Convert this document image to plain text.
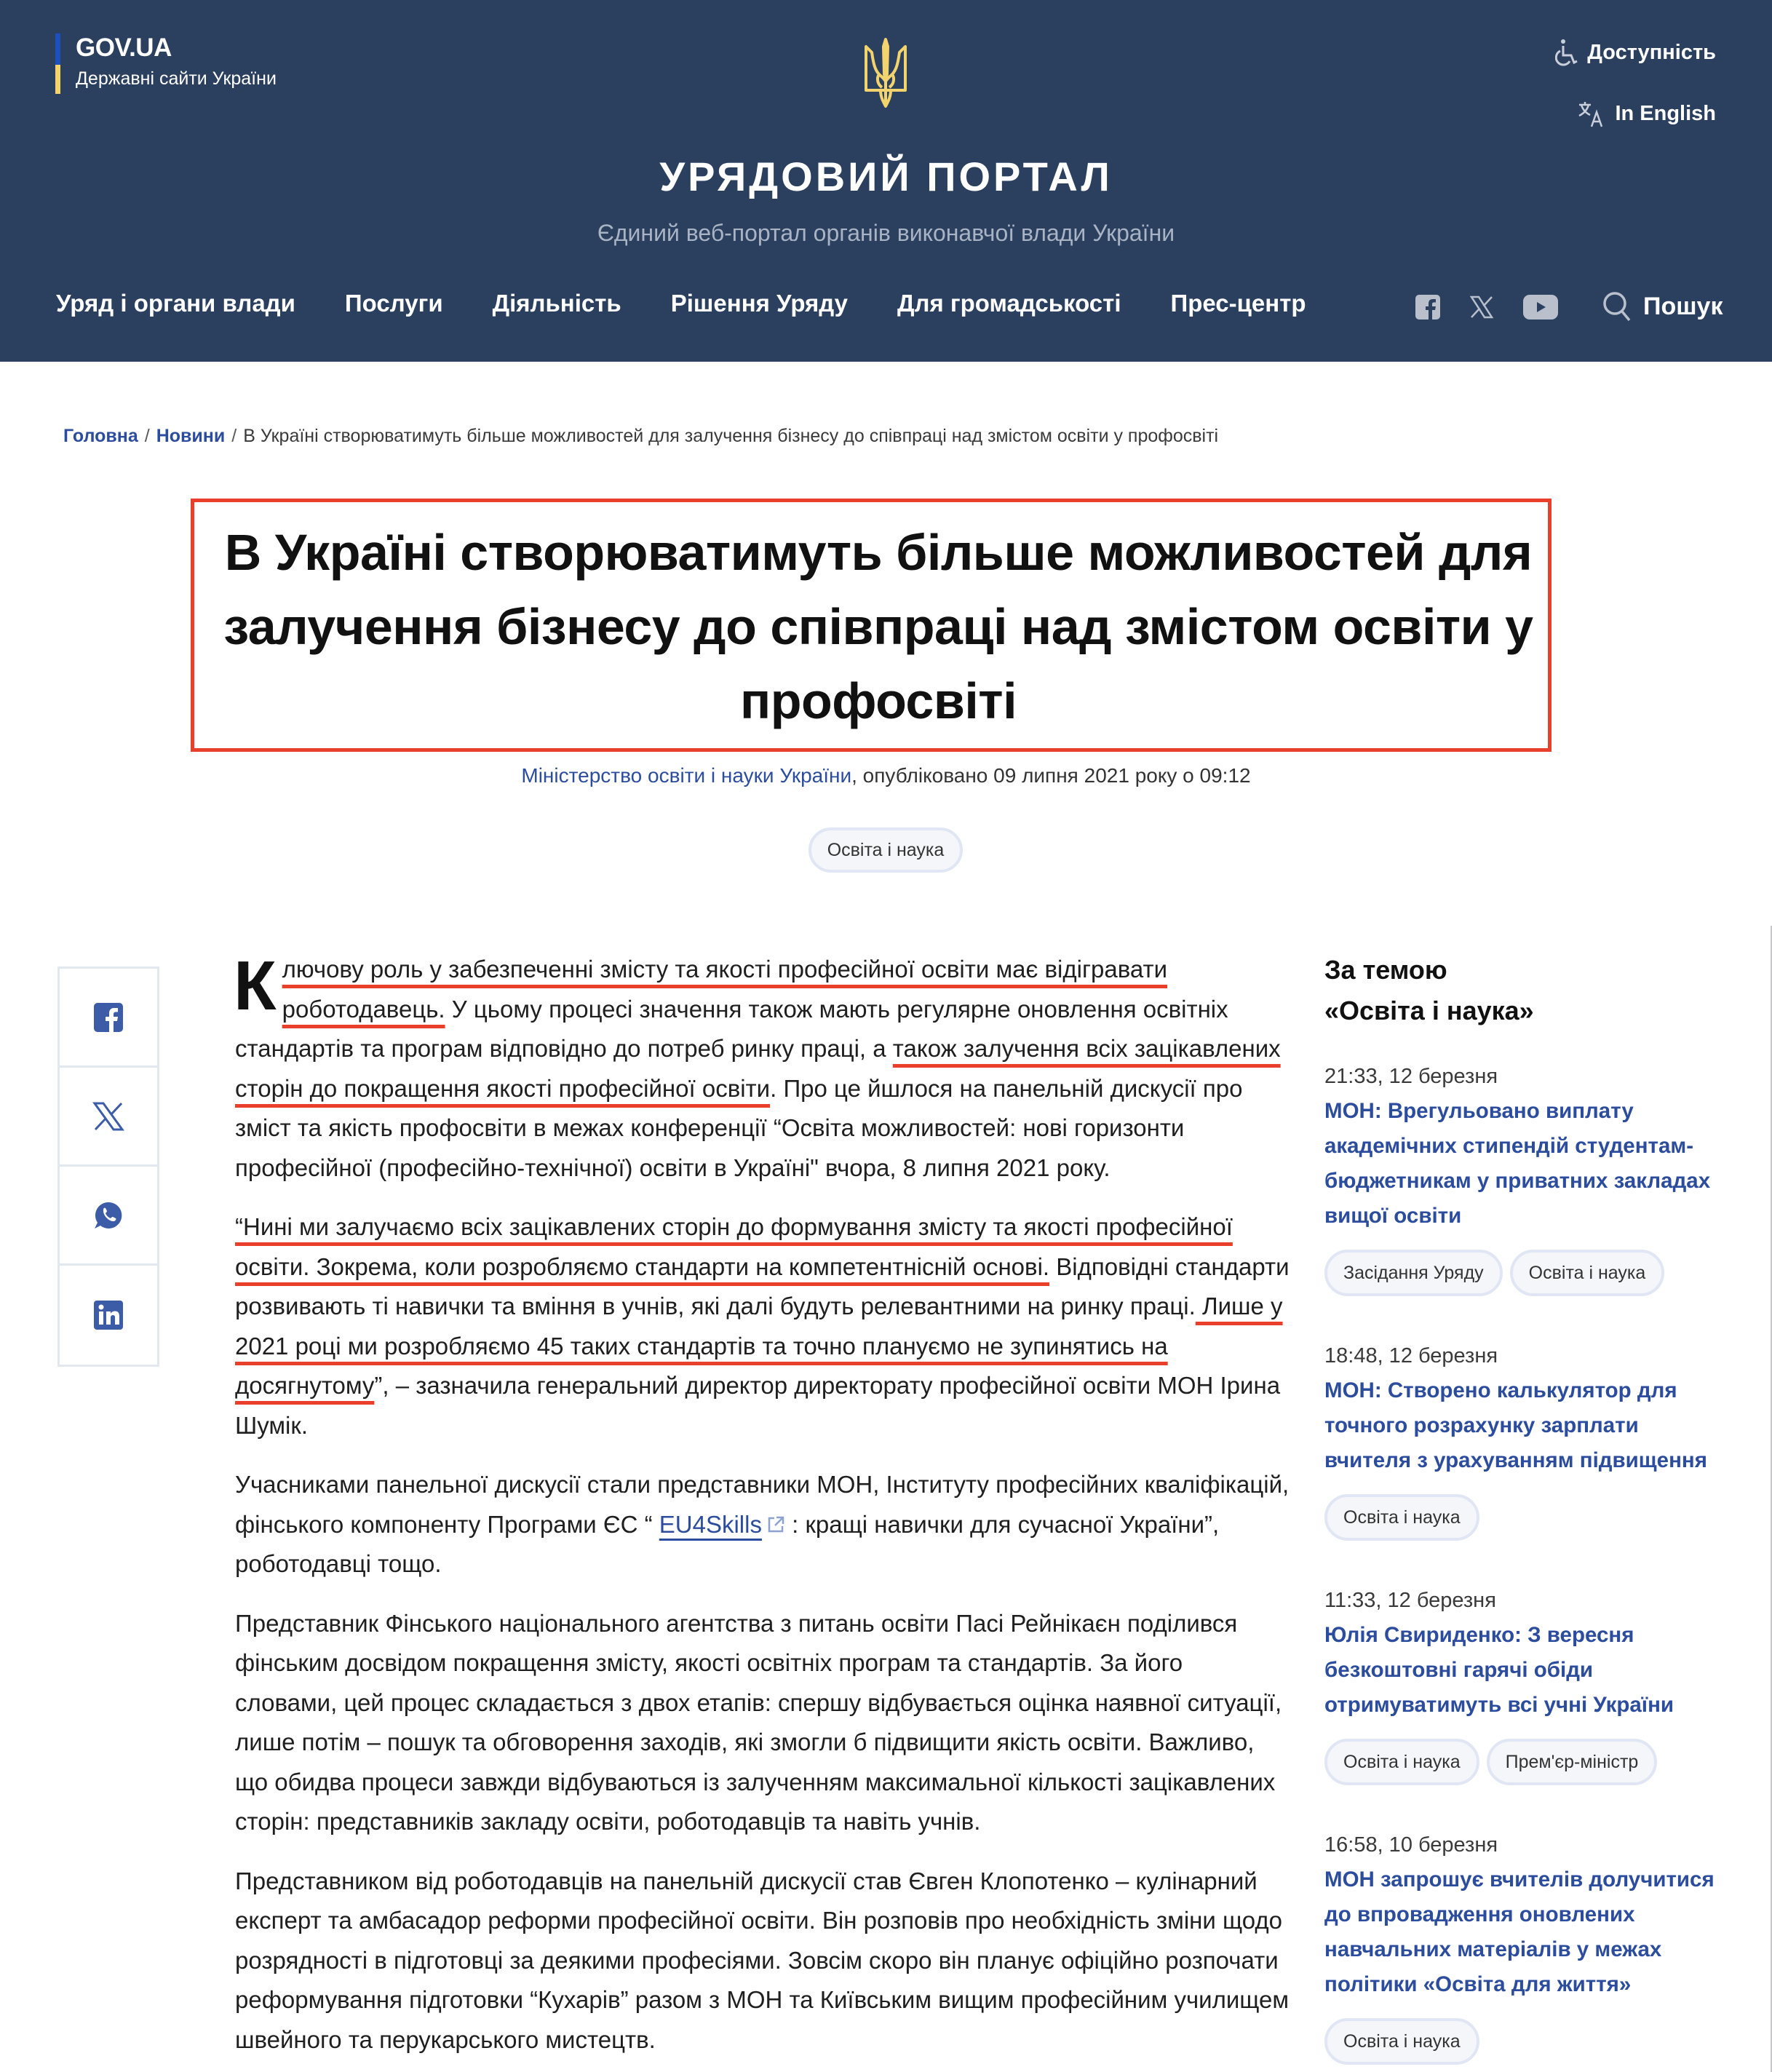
GOV.UA
Державні сайти України
Доступність
In English
УРЯДОВИЙ ПОРТАЛ
Єдиний веб-портал органів виконавчої влади України
Уряд і органи влади Послуги Діяльність Рішення Уряду Для громадськості Прес-центр	Пошук
Головна / Новини / В Україні створюватимуть більше можливостей для залучення бізнесу до співпраці над змістом освіти у профосвіті
В Україні створюватимуть більше можливостей для залучення бізнесу до співпраці над змістом освіти у профосвіті
Міністерство освіти і науки України, опубліковано 09 липня 2021 року о 09:12
Освіта і наука

Ключову роль у забезпеченні змісту та якості професійної освіти має відігравати роботодавець. У цьому процесі значення також мають регулярне оновлення освітніх стандартів та програм відповідно до потреб ринку праці, а також залучення всіх зацікавлених сторін до покращення якості професійної освіти. Про це йшлося на панельній дискусії про зміст та якість профосвіти в межах конференції “Освіта можливостей: нові горизонти професійної (професійно-технічної) освіти в Україні" вчора, 8 липня 2021 року.

“Нині ми залучаємо всіх зацікавлених сторін до формування змісту та якості професійної освіти. Зокрема, коли розробляємо стандарти на компетентнісній основі. Відповідні стандарти розвивають ті навички та вміння в учнів, які далі будуть релевантними на ринку праці. Лише у 2021 році ми розробляємо 45 таких стандартів та точно плануємо не зупинятись на досягнутому”, – зазначила генеральний директор директорату професійної освіти МОН Ірина Шумік.

Учасниками панельної дискусії стали представники МОН, Інституту професійних кваліфікацій, фінського компоненту Програми ЄС “ EU4Skills : кращі навички для сучасної України”, роботодавці тощо.

Представник Фінського національного агентства з питань освіти Пасі Рейнікаєн поділився фінським досвідом покращення змісту, якості освітніх програм та стандартів. За його словами, цей процес складається з двох етапів: спершу відбувається оцінка наявної ситуації, лише потім – пошук та обговорення заходів, які змогли б підвищити якість освіти. Важливо, що обидва процеси завжди відбуваються із залученням максимальної кількості зацікавлених сторін: представників закладу освіти, роботодавців та навіть учнів.

Представником від роботодавців на панельній дискусії став Євген Клопотенко – кулінарний експерт та амбасадор реформи професійної освіти. Він розповів про необхідність зміни щодо розрядності в підготовці за деякими професіями. Зовсім скоро він планує офіційно розпочати реформування підготовки “Кухарів” разом з МОН та Київським вищим професійним училищем швейного та перукарського мистецтв.

За темою
«Освіта і наука»
21:33, 12 березня
МОН: Врегульовано виплату академічних стипендій студентам-бюджетникам у приватних закладах вищої освіти
Засідання Уряду	Освіта і наука
18:48, 12 березня
МОН: Створено калькулятор для точного розрахунку зарплати вчителя з урахуванням підвищення
Освіта і наука
11:33, 12 березня
Юлія Свириденко: З вересня безкоштовні гарячі обіди отримуватимуть всі учні України
Освіта і наука	Прем'єр-міністр
16:58, 10 березня
МОН запрошує вчителів долучитися до впровадження оновлених навчальних матеріалів у межах політики «Освіта для життя»
Освіта і наука
